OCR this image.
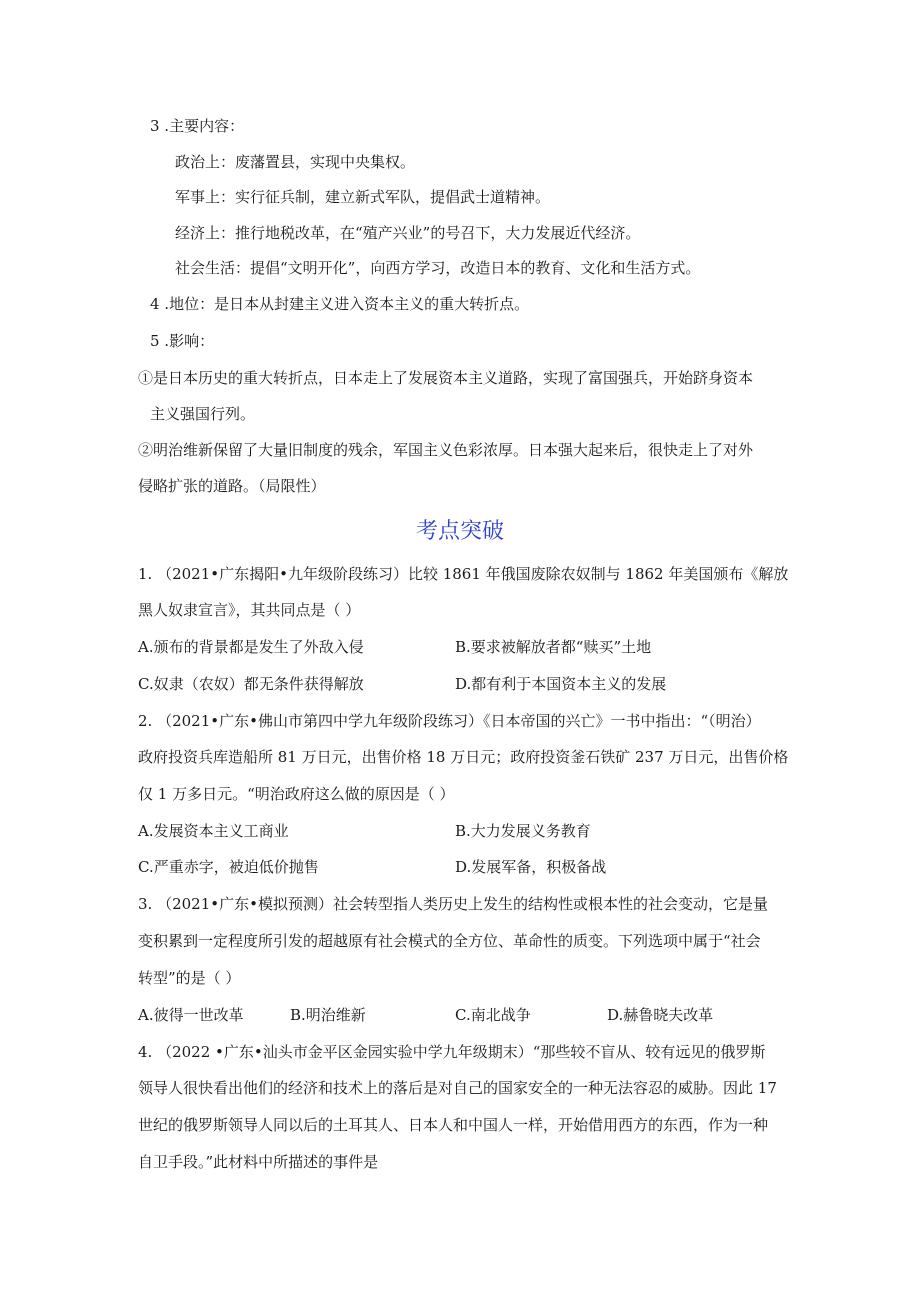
3 .主要内容：
政治上：废藩置县，实现中央集权。
军事上：实行征兵制，建立新式军队，提倡武士道精神。
经济上：推行地税改革，在“殖产兴业”的号召下，大力发展近代经济。
社会生活：提倡“文明开化”，向西方学习，改造日本的教育、文化和生活方式。
4 .地位：是日本从封建主义进入资本主义的重大转折点。
5 .影响：
①是日本历史的重大转折点，日本走上了发展资本主义道路，实现了富国强兵，开始跻身资本
主义强国行列。
②明治维新保留了大量旧制度的残余，军国主义色彩浓厚。日本强大起来后，很快走上了对外
侵略扩张的道路。（局限性）
考点突破
1. （2021•广东揭阳•九年级阶段练习）比较 1861 年俄国废除农奴制与 1862 年美国颁布《解放
黑人奴隶宣言》，其共同点是（ ）
A.颁布的背景都是发生了外敌入侵	B.要求被解放者都“赎买”土地
C.奴隶（农奴）都无条件获得解放	D.都有利于本国资本主义的发展
2. （2021•广东•佛山市第四中学九年级阶段练习）《日本帝国的兴亡》一书中指出：“（明治）
政府投资兵库造船所 81 万日元，出售价格 18 万日元；政府投资釜石铁矿 237 万日元，出售价格
仅 1 万多日元。“明治政府这么做的原因是（ ）
A.发展资本主义工商业	B.大力发展义务教育
C.严重赤字，被迫低价抛售	D.发展军备，积极备战
3. （2021•广东•模拟预测）社会转型指人类历史上发生的结构性或根本性的社会变动，它是量
变积累到一定程度所引发的超越原有社会模式的全方位、革命性的质变。下列选项中属于“社会
转型”的是（ ）
A.彼得一世改革	B.明治维新	C.南北战争	D.赫鲁晓夫改革
4. （2022 •广东•汕头市金平区金园实验中学九年级期末）“那些较不盲从、较有远见的俄罗斯
领导人很快看出他们的经济和技术上的落后是对自己的国家安全的一种无法容忍的威胁。因此 17
世纪的俄罗斯领导人同以后的土耳其人、日本人和中国人一样，开始借用西方的东西，作为一种
自卫手段。”此材料中所描述的事件是
